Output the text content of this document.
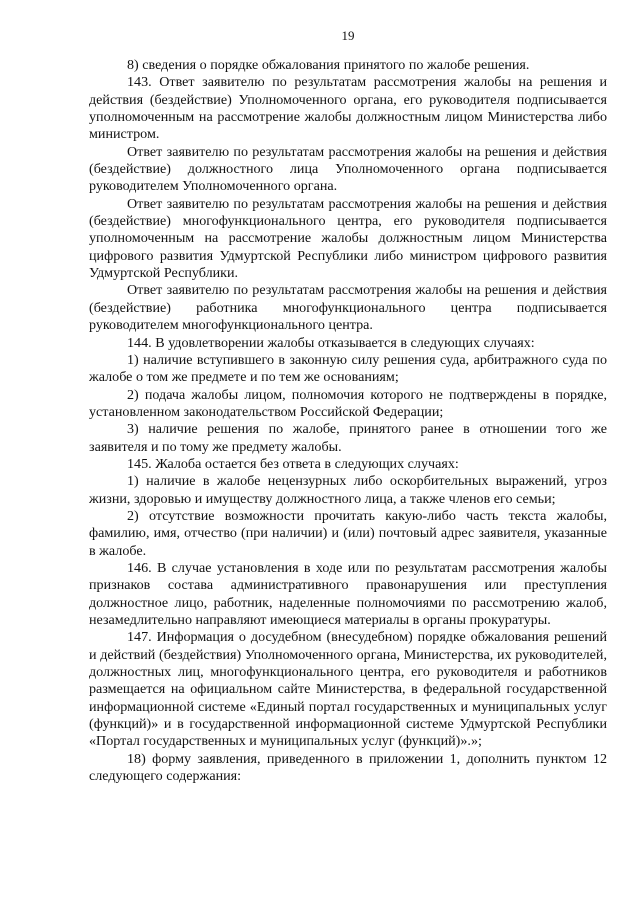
19

8) сведения о порядке обжалования принятого по жалобе решения.

143. Ответ заявителю по результатам рассмотрения жалобы на решения и действия (бездействие) Уполномоченного органа, его руководителя подписывается уполномоченным на рассмотрение жалобы должностным лицом Министерства либо министром.

Ответ заявителю по результатам рассмотрения жалобы на решения и действия (бездействие) должностного лица Уполномоченного органа подписывается руководителем Уполномоченного органа.

Ответ заявителю по результатам рассмотрения жалобы на решения и действия (бездействие) многофункционального центра, его руководителя подписывается уполномоченным на рассмотрение жалобы должностным лицом Министерства цифрового развития Удмуртской Республики либо министром цифрового развития Удмуртской Республики.

Ответ заявителю по результатам рассмотрения жалобы на решения и действия (бездействие) работника многофункционального центра подписывается руководителем многофункционального центра.

144. В удовлетворении жалобы отказывается в следующих случаях:

1) наличие вступившего в законную силу решения суда, арбитражного суда по жалобе о том же предмете и по тем же основаниям;

2) подача жалобы лицом, полномочия которого не подтверждены в порядке, установленном законодательством Российской Федерации;

3) наличие решения по жалобе, принятого ранее в отношении того же заявителя и по тому же предмету жалобы.

145. Жалоба остается без ответа в следующих случаях:

1) наличие в жалобе нецензурных либо оскорбительных выражений, угроз жизни, здоровью и имуществу должностного лица, а также членов его семьи;

2) отсутствие возможности прочитать какую-либо часть текста жалобы, фамилию, имя, отчество (при наличии) и (или) почтовый адрес заявителя, указанные в жалобе.

146. В случае установления в ходе или по результатам рассмотрения жалобы признаков состава административного правонарушения или преступления должностное лицо, работник, наделенные полномочиями по рассмотрению жалоб, незамедлительно направляют имеющиеся материалы в органы прокуратуры.

147. Информация о досудебном (внесудебном) порядке обжалования решений и действий (бездействия) Уполномоченного органа, Министерства, их руководителей, должностных лиц, многофункционального центра, его руководителя и работников размещается на официальном сайте Министерства, в федеральной государственной информационной системе «Единый портал государственных и муниципальных услуг (функций)» и в государственной информационной системе Удмуртской Республики «Портал государственных и муниципальных услуг (функций)».»;

18) форму заявления, приведенного в приложении 1, дополнить пунктом 12 следующего содержания:
